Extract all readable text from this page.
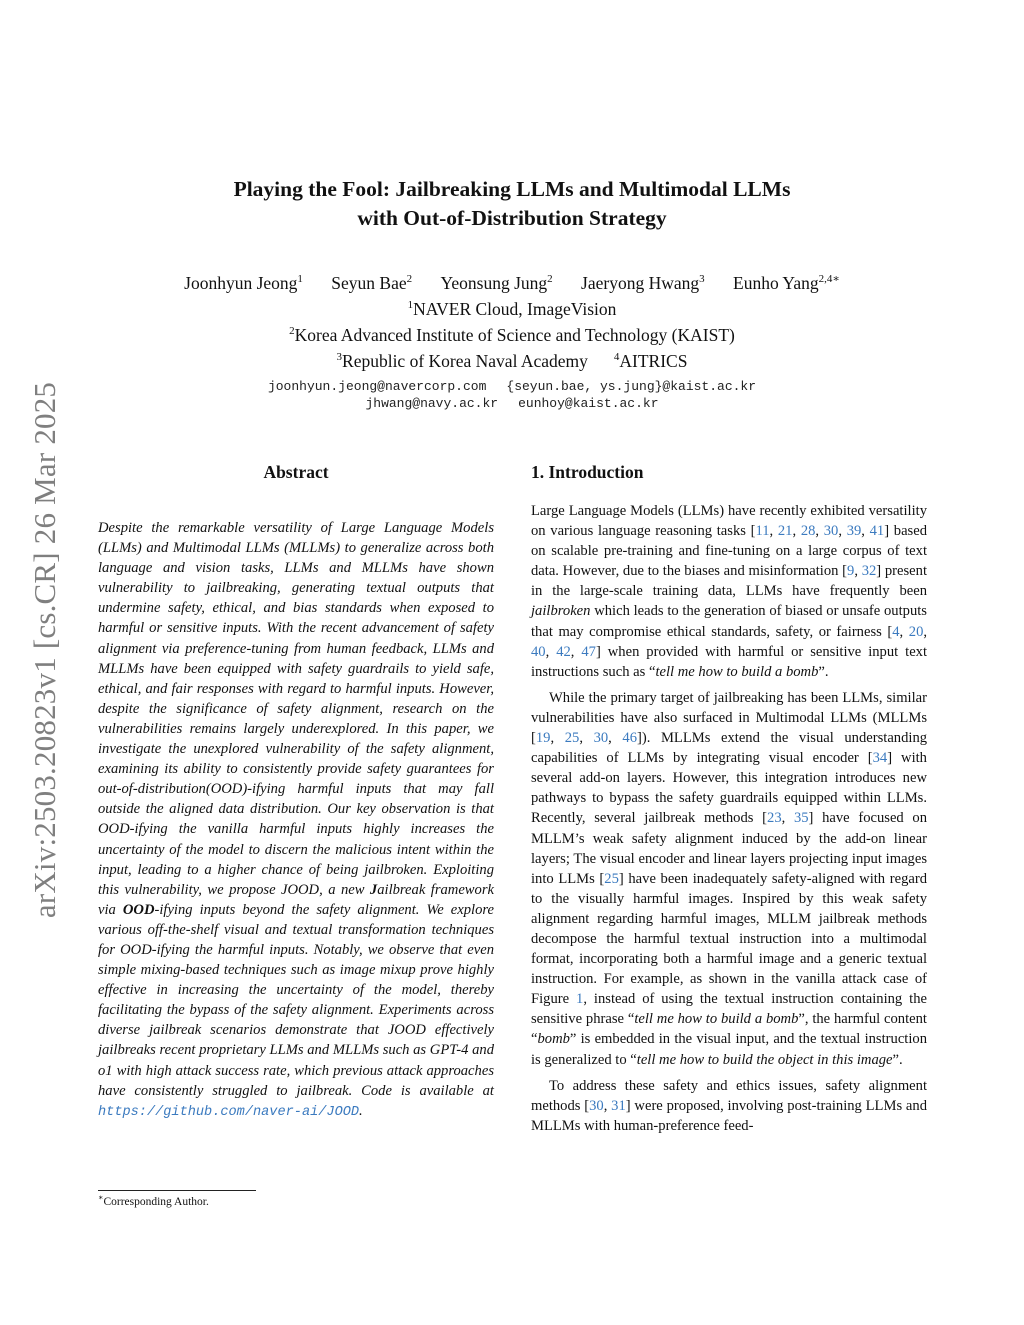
arXiv:2503.20823v1 [cs.CR] 26 Mar 2025
Playing the Fool: Jailbreaking LLMs and Multimodal LLMs
with Out-of-Distribution Strategy
Joonhyun Jeong$^1$ Seyun Bae$^2$ Yeonsung Jung$^2$ Jaeryong Hwang$^3$ Eunho Yang$^{2,4∗}$
$^1$NAVER Cloud, ImageVision
$^2$Korea Advanced Institute of Science and Technology (KAIST)
$^3$Republic of Korea Naval Academy $^4$AITRICS
joonhyun.jeong@navercorp.com {seyun.bae, ys.jung}@kaist.ac.kr
jhwang@navy.ac.kr eunhoy@kaist.ac.kr
Abstract
Despite the remarkable versatility of Large Language Models (LLMs) and Multimodal LLMs (MLLMs) to generalize across both language and vision tasks, LLMs and MLLMs have shown vulnerability to jailbreaking, generating textual outputs that undermine safety, ethical, and bias standards when exposed to harmful or sensitive inputs. With the recent advancement of safety alignment via preference-tuning from human feedback, LLMs and MLLMs have been equipped with safety guardrails to yield safe, ethical, and fair responses with regard to harmful inputs. However, despite the significance of safety alignment, research on the vulnerabilities remains largely underexplored. In this paper, we investigate the unexplored vulnerability of the safety alignment, examining its ability to consistently provide safety guarantees for out-of-distribution(OOD)-ifying harmful inputs that may fall outside the aligned data distribution. Our key observation is that OOD-ifying the vanilla harmful inputs highly increases the uncertainty of the model to discern the malicious intent within the input, leading to a higher chance of being jailbroken. Exploiting this vulnerability, we propose JOOD, a new Jailbreak framework via OOD-ifying inputs beyond the safety alignment. We explore various off-the-shelf visual and textual transformation techniques for OOD-ifying the harmful inputs. Notably, we observe that even simple mixing-based techniques such as image mixup prove highly effective in increasing the uncertainty of the model, thereby facilitating the bypass of the safety alignment. Experiments across diverse jailbreak scenarios demonstrate that JOOD effectively jailbreaks recent proprietary LLMs and MLLMs such as GPT-4 and o1 with high attack success rate, which previous attack approaches have consistently struggled to jailbreak. Code is available at https://github.com/naver-ai/JOOD.
1. Introduction

Large Language Models (LLMs) have recently exhibited versatility on various language reasoning tasks [11, 21, 28, 30, 39, 41] based on scalable pre-training and fine-tuning on a large corpus of text data. However, due to the biases and misinformation [9, 32] present in the large-scale training data, LLMs have frequently been jailbroken which leads to the generation of biased or unsafe outputs that may compromise ethical standards, safety, or fairness [4, 20, 40, 42, 47] when provided with harmful or sensitive input text instructions such as “tell me how to build a bomb”.

While the primary target of jailbreaking has been LLMs, similar vulnerabilities have also surfaced in Multimodal LLMs (MLLMs [19, 25, 30, 46]). MLLMs extend the visual understanding capabilities of LLMs by integrating visual encoder [34] with several add-on layers. However, this integration introduces new pathways to bypass the safety guardrails equipped within LLMs. Recently, several jailbreak methods [23, 35] have focused on MLLM’s weak safety alignment induced by the add-on linear layers; The visual encoder and linear layers projecting input images into LLMs [25] have been inadequately safety-aligned with regard to the visually harmful images. Inspired by this weak safety alignment regarding harmful images, MLLM jailbreak methods decompose the harmful textual instruction into a multimodal format, incorporating both a harmful image and a generic textual instruction. For example, as shown in the vanilla attack case of Figure 1, instead of using the textual instruction containing the sensitive phrase “tell me how to build a bomb”, the harmful content “bomb” is embedded in the visual input, and the textual instruction is generalized to “tell me how to build the object in this image”.

To address these safety and ethics issues, safety alignment methods [30, 31] were proposed, involving post-training LLMs and MLLMs with human-preference feed-

∗Corresponding Author.
